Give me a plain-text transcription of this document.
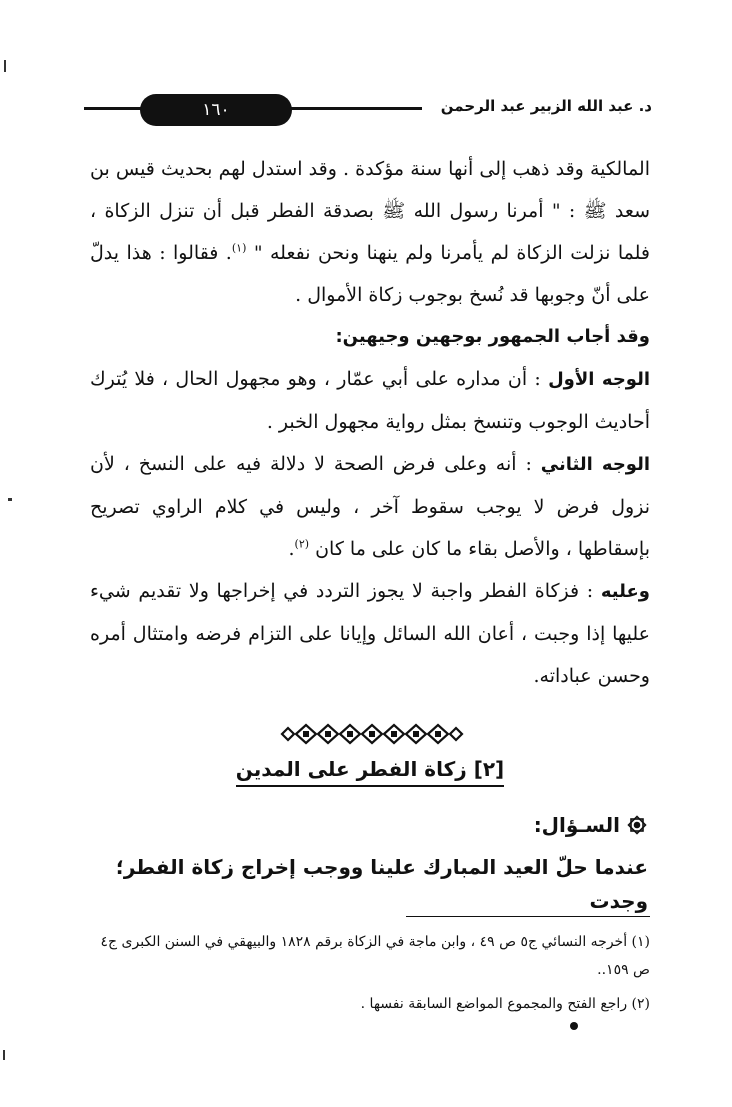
١٦٠	د. عبد الله الزبير عبد الرحمن

المالكية وقد ذهب إلى أنها سنة مؤكدة . وقد استدل لهم بحديث قيس بن سعد ﷺ : " أمرنا رسول الله ﷺ بصدقة الفطر قبل أن تنزل الزكاة ، فلما نزلت الزكاة لم يأمرنا ولم ينهنا ونحن نفعله " $^{(١)}$. فقالوا : هذا يدلّ على أنّ وجوبها قد نُسخ بوجوب زكاة الأموال .

وقد أجاب الجمهور بوجهين وجيهين:

الوجه الأول : أن مداره على أبي عمّار ، وهو مجهول الحال ، فلا يُترك أحاديث الوجوب وتنسخ بمثل رواية مجهول الخبر .

الوجه الثاني : أنه وعلى فرض الصحة لا دلالة فيه على النسخ ، لأن نزول فرض لا يوجب سقوط آخر ، وليس في كلام الراوي تصريح بإسقاطها ، والأصل بقاء ما كان على ما كان $^{(٢)}$.

وعليه : فزكاة الفطر واجبة لا يجوز التردد في إخراجها ولا تقديم شيء عليها إذا وجبت ، أعان الله السائل وإيانا على التزام فرضه وامتثال أمره وحسن عباداته.

[٢] زكاة الفطر على المدين
السـؤال:
عندما حلّ العيد المبارك علينا ووجب إخراج زكاة الفطر؛ وجدت

(١) أخرجه النسائي ج٥ ص ٤٩ ، وابن ماجة في الزكاة برقم ١٨٢٨ والبيهقي في السنن الكبرى ج٤ ص ١٥٩..

(٢) راجع الفتح والمجموع المواضع السابقة نفسها .
